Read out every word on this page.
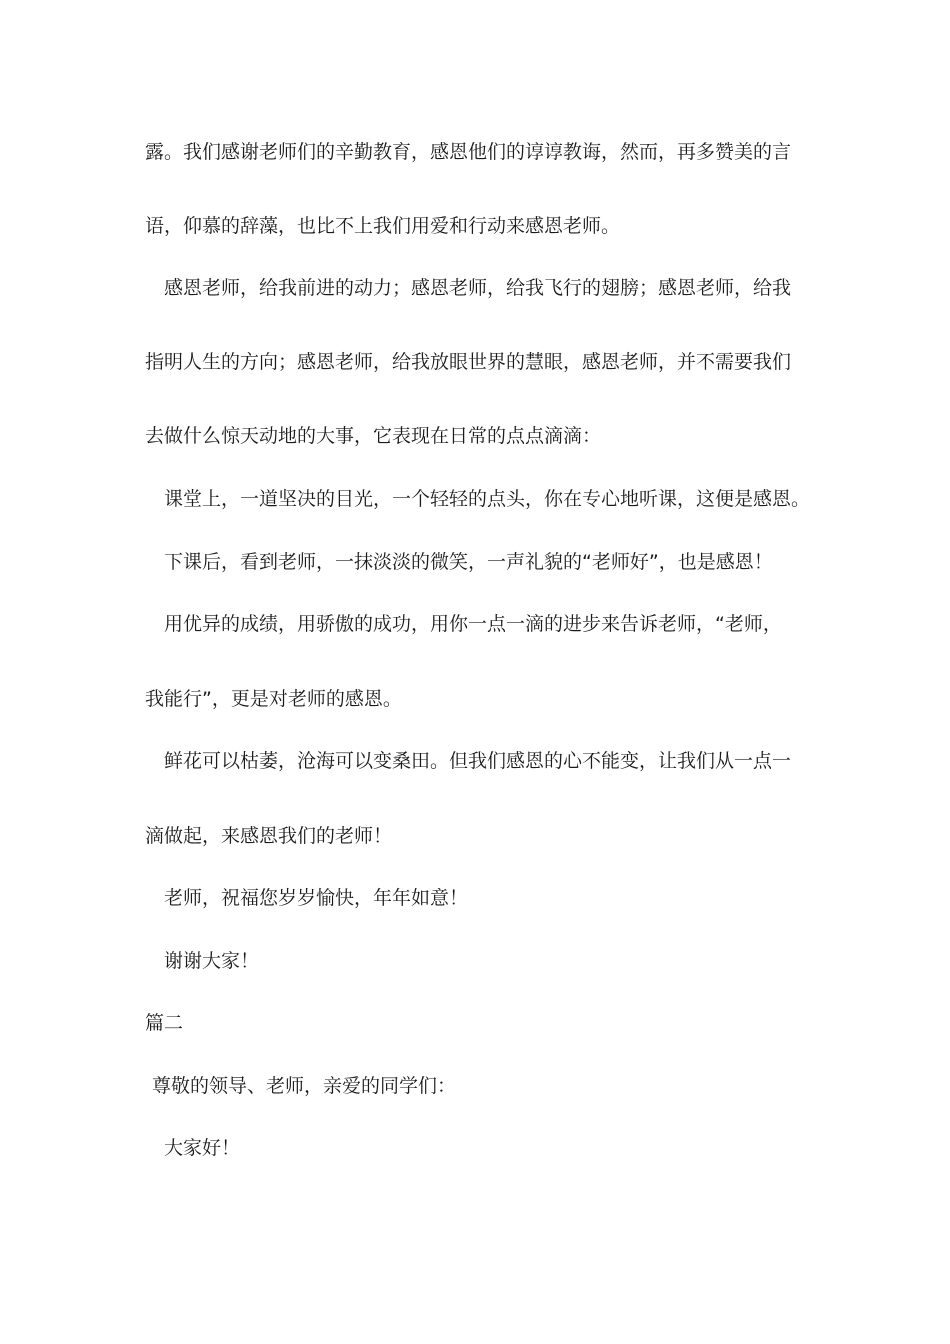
露。我们感谢老师们的辛勤教育，感恩他们的谆谆教诲，然而，再多赞美的言
语，仰慕的辞藻，也比不上我们用爱和行动来感恩老师。
感恩老师，给我前进的动力；感恩老师，给我飞行的翅膀；感恩老师，给我
指明人生的方向；感恩老师，给我放眼世界的慧眼，感恩老师，并不需要我们
去做什么惊天动地的大事，它表现在日常的点点滴滴：
课堂上，一道坚决的目光，一个轻轻的点头，你在专心地听课，这便是感恩。
下课后，看到老师，一抹淡淡的微笑，一声礼貌的“老师好”，也是感恩！
用优异的成绩，用骄傲的成功，用你一点一滴的进步来告诉老师，“老师，
我能行”，更是对老师的感恩。
鲜花可以枯萎，沧海可以变桑田。但我们感恩的心不能变，让我们从一点一
滴做起，来感恩我们的老师！
老师，祝福您岁岁愉快，年年如意！
谢谢大家！
篇二
尊敬的领导、老师，亲爱的同学们：
大家好！
